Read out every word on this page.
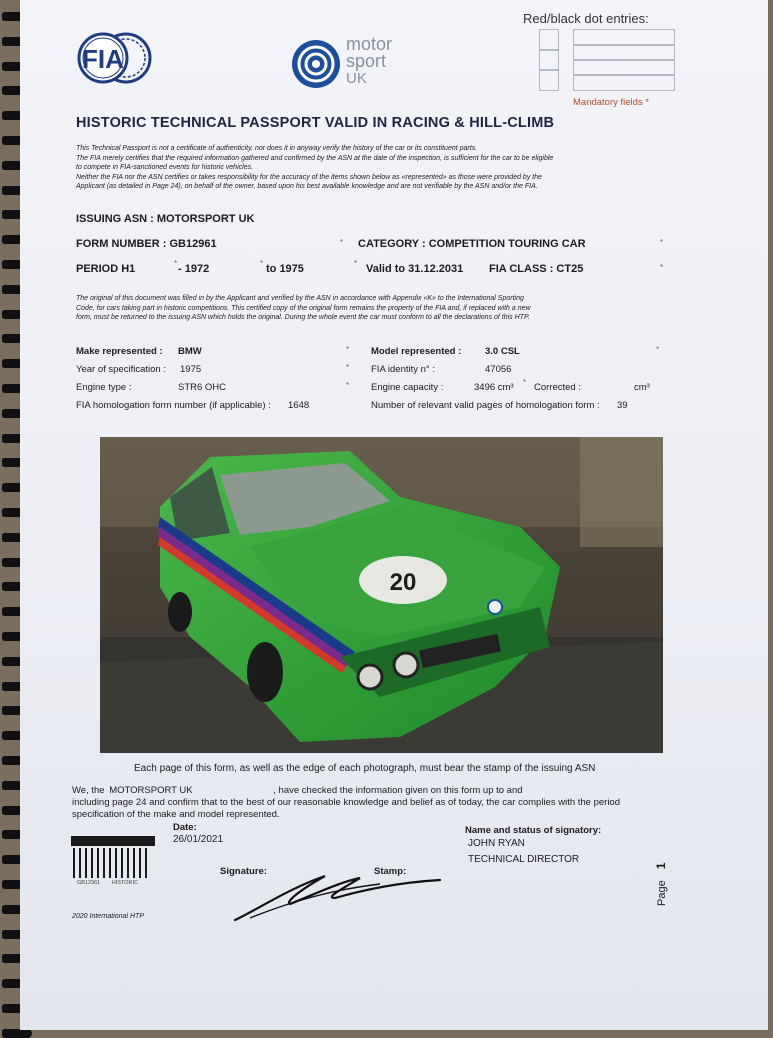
FIA	motor
sport
UK
Red/black dot entries:
Mandatory fields *
HISTORIC TECHNICAL PASSPORT VALID IN RACING & HILL-CLIMB
This Technical Passport is not a certificate of authenticity, nor does it in anyway verify the history of the car or its constituent parts.
The FIA merely certifies that the required information gathered and confirmed by the ASN at the date of the inspection, is sufficient for the car to be eligible
to compete in FIA-sanctioned events for historic vehicles.
Neither the FIA nor the ASN certifies or takes responsibility for the accuracy of the items shown below as «represented» as those were provided by the
Applicant (as detailed in Page 24), on behalf of the owner, based upon his best available knowledge and are not verifiable by the ASN and/or the FIA.
ISSUING ASN : MOTORSPORT UK
FORM NUMBER : GB12961	* CATEGORY : COMPETITION TOURING CAR	*
PERIOD H1	* - 1972	* to 1975	* Valid to 31.12.2031 FIA CLASS : CT25	*
The original of this document was filled in by the Applicant and verified by the ASN in accordance with Appendix «K» to the International Sporting
Code, for cars taking part in historic competitions. This certified copy of the original form remains the property of the FIA and, if replaced with a new
form, must be returned to the issuing ASN which holds the original. During the whole event the car must conform to all the declarations of this HTP.
Make represented : BMW	* Model represented : 3.0 CSL	*
Year of specification : 1975	* FIA identity n° :	47056
Engine type :	STR6 OHC	* Engine capacity :	3496 cm³ * Corrected :	cm³
FIA homologation form number (if applicable) : 1648	Number of relevant valid pages of homologation form : 39
20
Each page of this form, as well as the edge of each photograph, must bear the stamp of the issuing ASN
We, the MOTORSPORT UK	, have checked the information given on this form up to and
including page 24 and confirm that to the best of our reasonable knowledge and belief as of today, the car complies with the period
specification of the make and model represented.
Date:
26/01/2021
Name and status of signatory:
JOHN RYAN
TECHNICAL DIRECTOR
GB12961 HISTORIC
Signature:	Stamp:
2020 International HTP
Page 1
